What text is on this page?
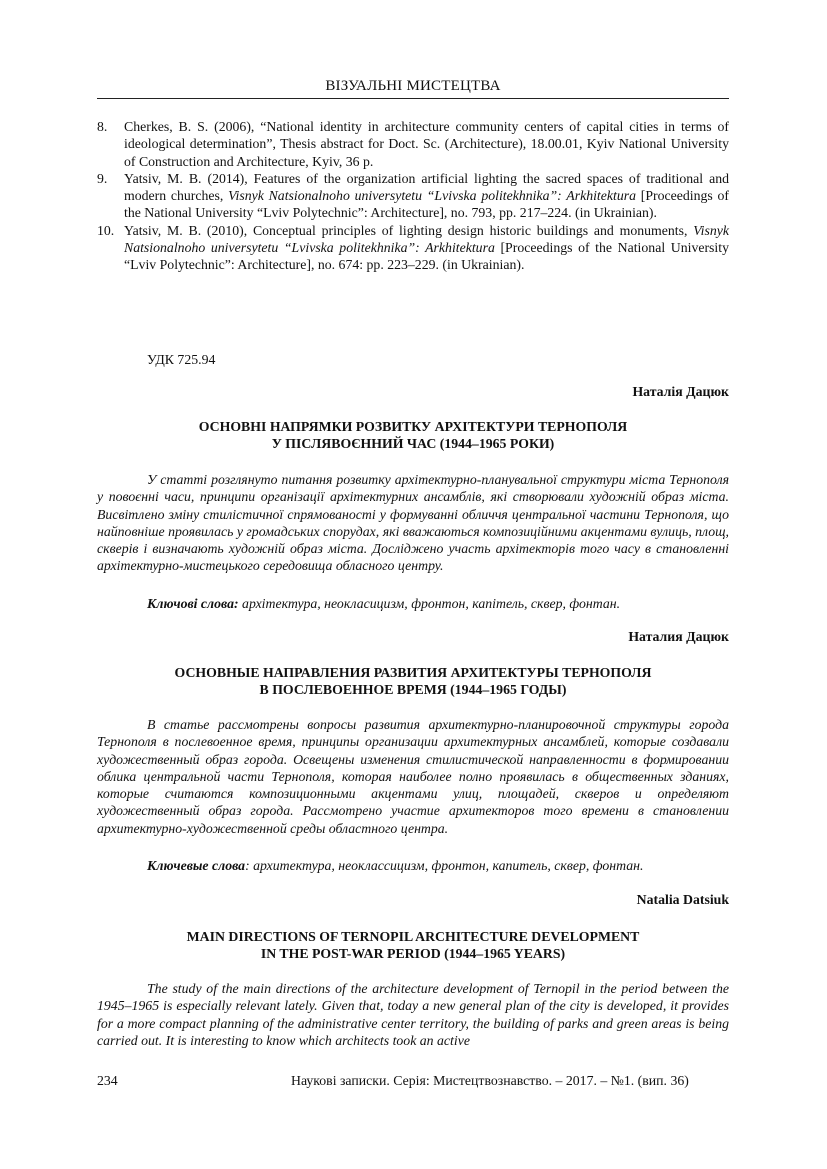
ВІЗУАЛЬНІ МИСТЕЦТВА
8. Cherkes, B. S. (2006), “National identity in architecture community centers of capital cities in terms of ideological determination”, Thesis abstract for Doct. Sc. (Architecture), 18.00.01, Kyiv National University of Construction and Architecture, Kyiv, 36 p.
9. Yatsiv, M. B. (2014), Features of the organization artificial lighting the sacred spaces of traditional and modern churches, Visnyk Natsionalnoho universytetu “Lvivska politekhnika”: Arkhitektura [Proceedings of the National University “Lviv Polytechnic”: Architecture], no. 793, pp. 217–224. (in Ukrainian).
10. Yatsiv, M. B. (2010), Conceptual principles of lighting design historic buildings and monuments, Visnyk Natsionalnoho universytetu “Lvivska politekhnika”: Arkhitektura [Proceedings of the National University “Lviv Polytechnic”: Architecture], no. 674: pp. 223–229. (in Ukrainian).
УДК 725.94
Наталія Дацюк
ОСНОВНІ НАПРЯМКИ РОЗВИТКУ АРХІТЕКТУРИ ТЕРНОПОЛЯ
У ПІСЛЯВОЄННИЙ ЧАС (1944–1965 РОКИ)
У статті розглянуто питання розвитку архітектурно-планувальної структури міста Тернополя у повоєнні часи, принципи організації архітектурних ансамблів, які створювали художній образ міста. Висвітлено зміну стилістичної спрямованості у формуванні обличчя центральної частини Тернополя, що найповніше проявилась у громадських спорудах, які вважаються композиційними акцентами вулиць, площ, скверів і визначають художній образ міста. Досліджено участь архітекторів того часу в становленні архітектурно-мистецького середовища обласного центру.
Ключові слова: архітектура, неокласицизм, фронтон, капітель, сквер, фонтан.
Наталия Дацюк
ОСНОВНЫЕ НАПРАВЛЕНИЯ РАЗВИТИЯ АРХИТЕКТУРЫ ТЕРНОПОЛЯ
В ПОСЛЕВОЕННОЕ ВРЕМЯ (1944–1965 ГОДЫ)
В статье рассмотрены вопросы развития архитектурно-планировочной структуры города Тернополя в послевоенное время, принципы организации архитектурных ансамблей, которые создавали художественный образ города. Освещены изменения стилистической направленности в формировании облика центральной части Тернополя, которая наиболее полно проявилась в общественных зданиях, которые считаются композиционными акцентами улиц, площадей, скверов и определяют художественный образ города. Рассмотрено участие архитекторов того времени в становлении архитектурно-художественной среды областного центра.
Ключевые слова: архитектура, неоклассицизм, фронтон, капитель, сквер, фонтан.
Natalia Datsiuk
MAIN DIRECTIONS OF TERNOPIL ARCHITECTURE DEVELOPMENT
IN THE POST-WAR PERIOD (1944–1965 YEARS)
The study of the main directions of the architecture development of Ternopil in the period between the 1945–1965 is especially relevant lately. Given that, today a new general plan of the city is developed, it provides for a more compact planning of the administrative center territory, the building of parks and green areas is being carried out. It is interesting to know which architects took an active
234	Наукові записки. Серія: Мистецтвознавство. – 2017. – №1. (вип. 36)
